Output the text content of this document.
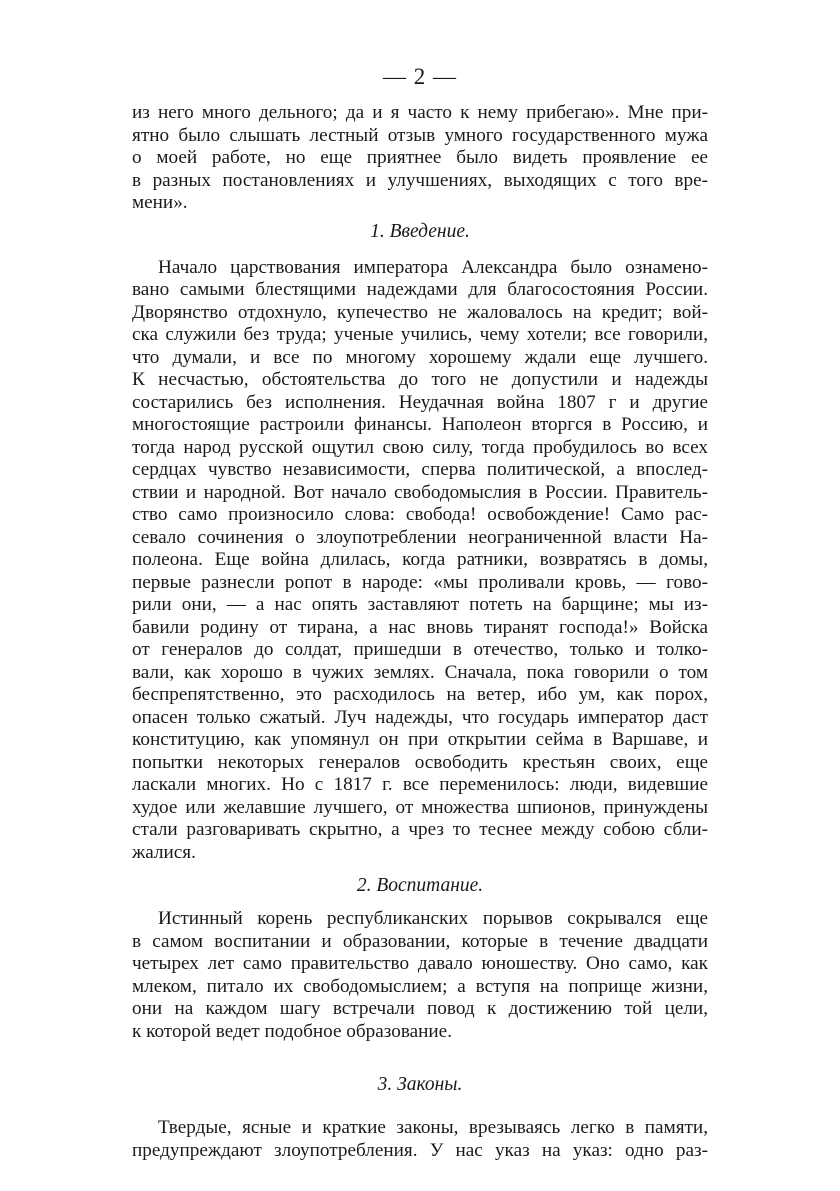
— 2 —
из него много дельного; да и я часто к нему прибегаю». Мне при-
ятно было слышать лестный отзыв умного государственного мужа
о моей работе, но еще приятнее было видеть проявление ее
в разных постановлениях и улучшениях, выходящих с того вре-
мени».
1. Введение.
Начало царствования императора Александра было ознамено-
вано самыми блестящими надеждами для благосостояния России.
Дворянство отдохнуло, купечество не жаловалось на кредит; вой-
ска служили без труда; ученые учились, чему хотели; все говорили,
что думали, и все по многому хорошему ждали еще лучшего.
К несчастью, обстоятельства до того не допустили и надежды
состарились без исполнения. Неудачная война 1807 г и другие
многостоящие растроили финансы. Наполеон вторгся в Россию, и
тогда народ русской ощутил свою силу, тогда пробудилось во всех
сердцах чувство независимости, сперва политической, а впослед-
ствии и народной. Вот начало свободомыслия в России. Правитель-
ство само произносило слова: свобода! освобождение! Само рас-
севало сочинения о злоупотреблении неограниченной власти На-
полеона. Еще война длилась, когда ратники, возвратясь в домы,
первые разнесли ропот в народе: «мы проливали кровь, — гово-
рили они, — а нас опять заставляют потеть на барщине; мы из-
бавили родину от тирана, а нас вновь тиранят господа!» Войска
от генералов до солдат, пришедши в отечество, только и толко-
вали, как хорошо в чужих землях. Сначала, пока говорили о том
беспрепятственно, это расходилось на ветер, ибо ум, как порох,
опасен только сжатый. Луч надежды, что государь император даст
конституцию, как упомянул он при открытии сейма в Варшаве, и
попытки некоторых генералов освободить крестьян своих, еще
ласкали многих. Но с 1817 г. все переменилось: люди, видевшие
худое или желавшие лучшего, от множества шпионов, принуждены
стали разговаривать скрытно, а чрез то теснее между собою сбли-
жалися.
2. Воспитание.
Истинный корень республиканских порывов сокрывался еще
в самом воспитании и образовании, которые в течение двадцати
четырех лет само правительство давало юношеству. Оно само, как
млеком, питало их свободомыслием; а вступя на поприще жизни,
они на каждом шагу встречали повод к достижению той цели,
к которой ведет подобное образование.
3. Законы.
Твердые, ясные и краткие законы, врезываясь легко в памяти,
предупреждают злоупотребления. У нас указ на указ: одно раз-
